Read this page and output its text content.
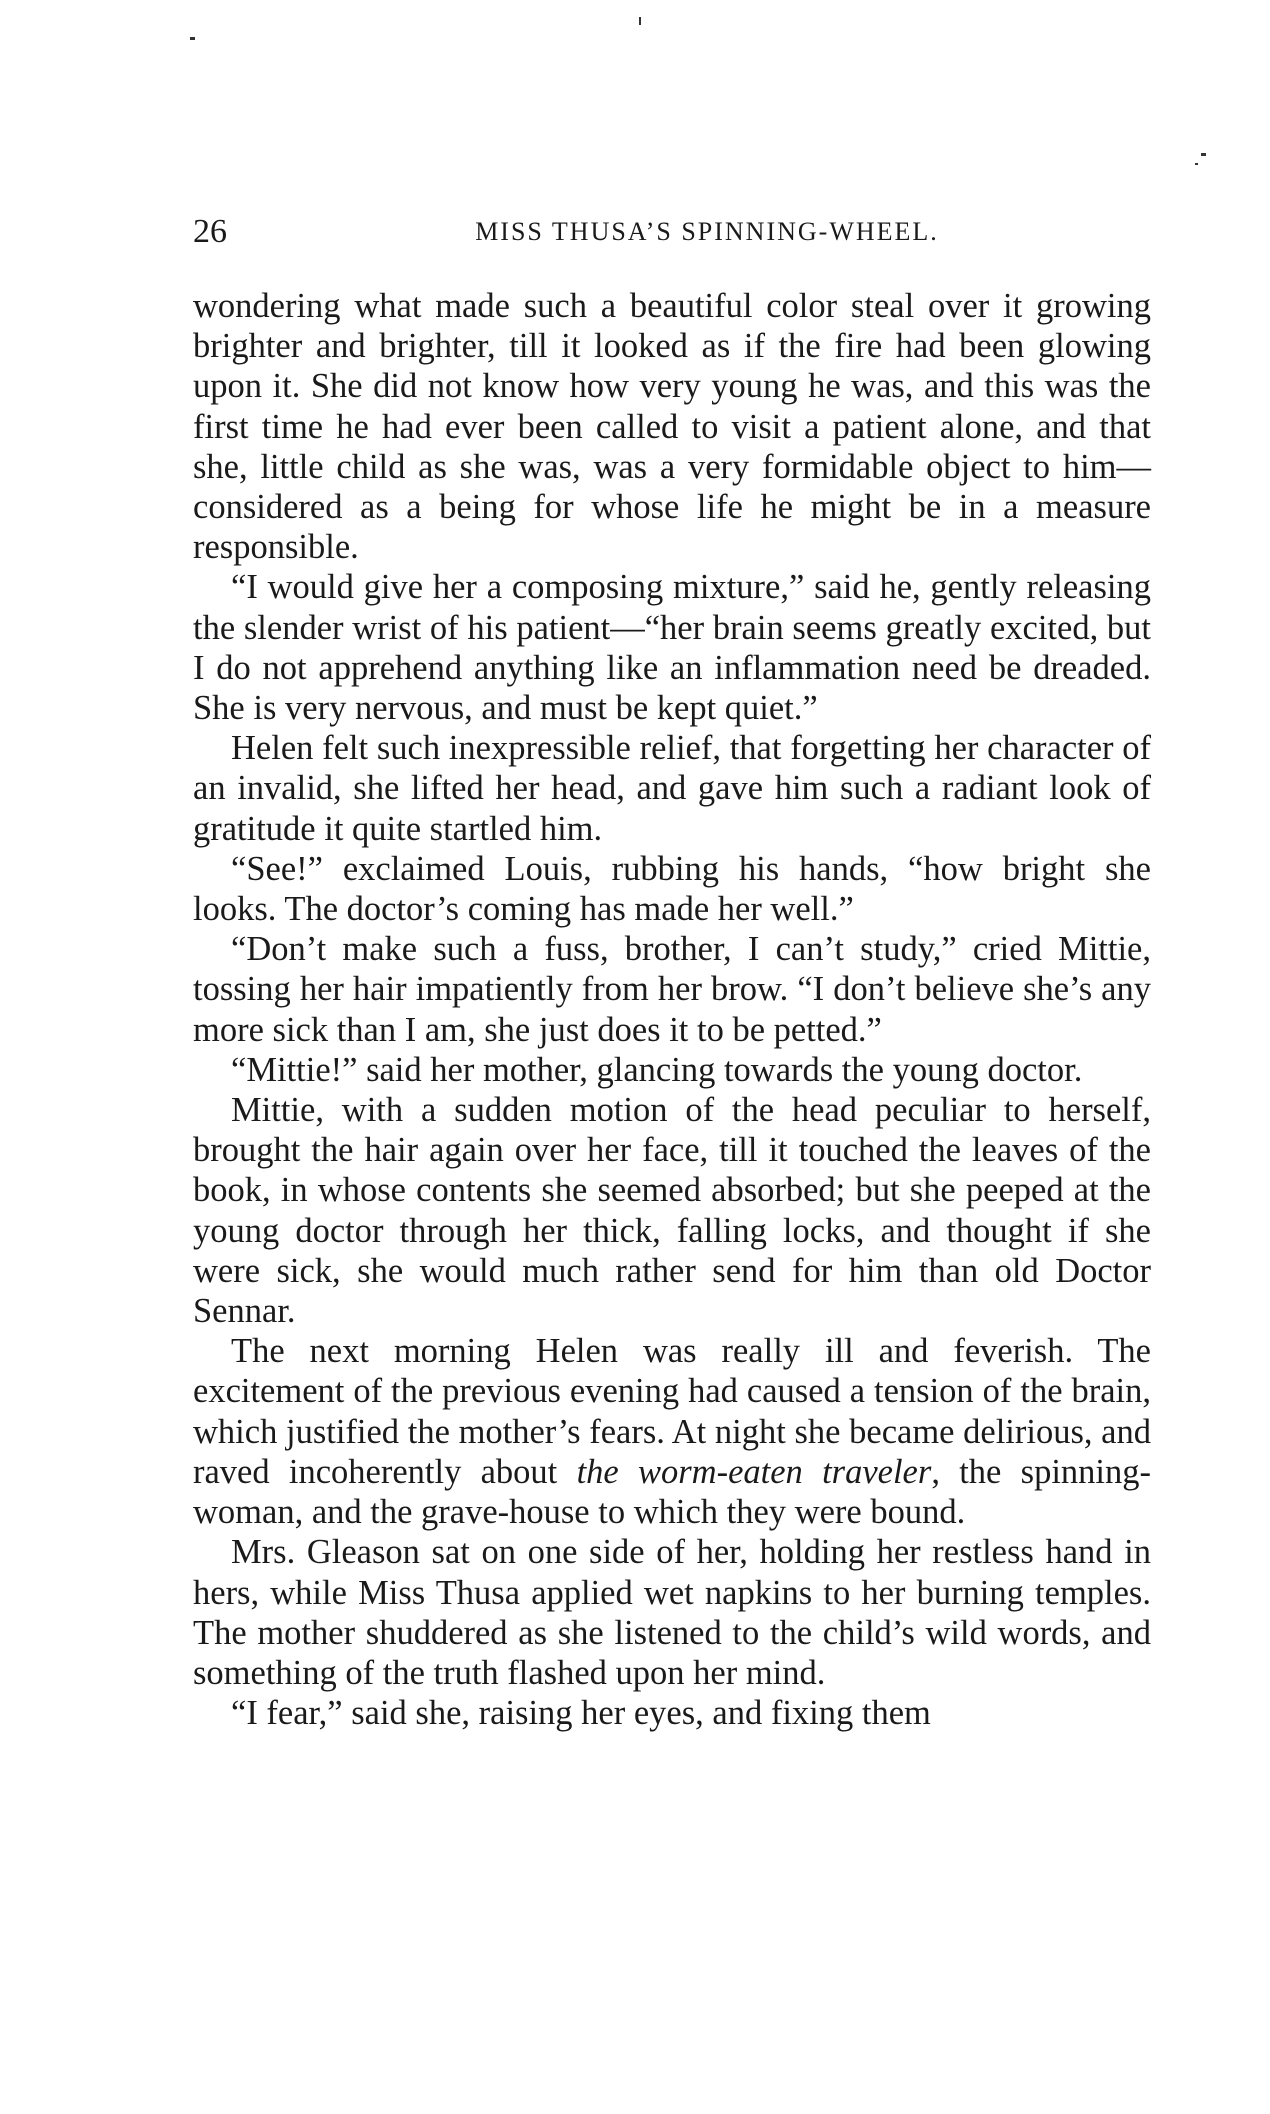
26	MISS THUSA’S SPINNING-WHEEL.

wondering what made such a beautiful color steal over it growing brighter and brighter, till it looked as if the fire had been glowing upon it. She did not know how very young he was, and this was the first time he had ever been called to visit a patient alone, and that she, little child as she was, was a very formidable object to him—considered as a being for whose life he might be in a measure responsible.

“I would give her a composing mixture,” said he, gently releasing the slender wrist of his patient—“her brain seems greatly excited, but I do not apprehend anything like an inflammation need be dreaded. She is very nervous, and must be kept quiet.”

Helen felt such inexpressible relief, that forgetting her character of an invalid, she lifted her head, and gave him such a radiant look of gratitude it quite startled him.

“See!” exclaimed Louis, rubbing his hands, “how bright she looks. The doctor’s coming has made her well.”

“Don’t make such a fuss, brother, I can’t study,” cried Mittie, tossing her hair impatiently from her brow. “I don’t believe she’s any more sick than I am, she just does it to be petted.”

“Mittie!” said her mother, glancing towards the young doctor.

Mittie, with a sudden motion of the head peculiar to herself, brought the hair again over her face, till it touched the leaves of the book, in whose contents she seemed absorbed; but she peeped at the young doctor through her thick, falling locks, and thought if she were sick, she would much rather send for him than old Doctor Sennar.

The next morning Helen was really ill and feverish. The excitement of the previous evening had caused a tension of the brain, which justified the mother’s fears. At night she became delirious, and raved incoherently about the worm-eaten traveler, the spinning-woman, and the grave-house to which they were bound.

Mrs. Gleason sat on one side of her, holding her restless hand in hers, while Miss Thusa applied wet napkins to her burning temples. The mother shuddered as she listened to the child’s wild words, and something of the truth flashed upon her mind.

“I fear,” said she, raising her eyes, and fixing them
